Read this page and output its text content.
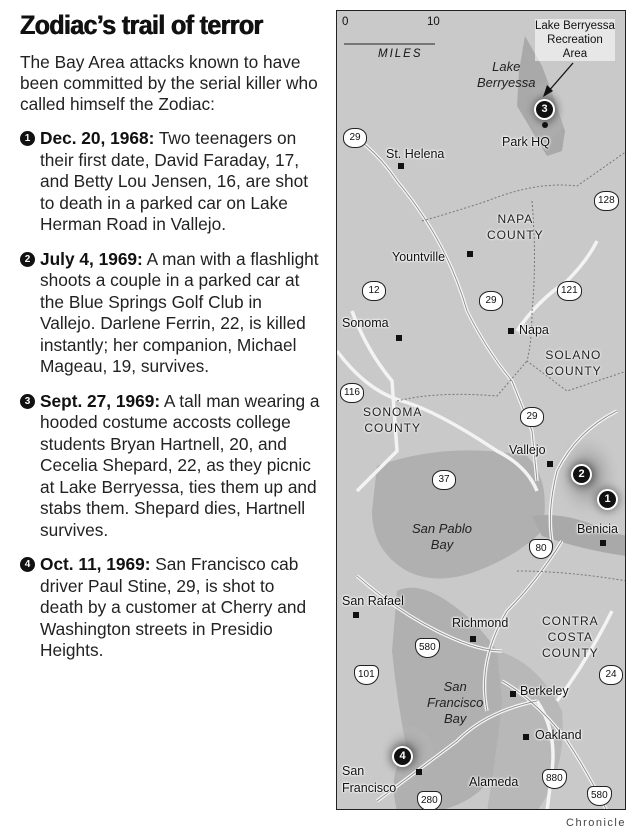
Zodiac’s trail of terror

The Bay Area attacks known to have been committed by the serial killer who called himself the Zodiac:

1 Dec. 20, 1968: Two teenagers on their first date, David Faraday, 17, and Betty Lou Jensen, 16, are shot to death in a parked car on Lake Herman Road in Vallejo.
2 July 4, 1969: A man with a flashlight shoots a couple in a parked car at the Blue Springs Golf Club in Vallejo. Darlene Ferrin, 22, is killed instantly; her companion, Michael Mageau, 19, survives.
3 Sept. 27, 1969: A tall man wearing a hooded costume accosts college students Bryan Hartnell, 20, and Cecelia Shepard, 22, as they picnic at Lake Berryessa, ties them up and stabs them. Shepard dies, Hartnell survives.
4 Oct. 11, 1969: San Francisco cab driver Paul Stine, 29, is shot to death by a customer at Cherry and Washington streets in Presidio Heights.
0	10
MILES
Lake Berryessa
Recreation
Area
Lake
Berryessa
3
Park HQ
29
St. Helena
128
NAPA
COUNTY
Yountville
12
29
121
Sonoma	Napa
SOLANO
COUNTY
116
SONOMA
COUNTY
29
Vallejo
37	2
1
San Pablo
Bay
Benicia
80
San Rafael
Richmond	CONTRA
COSTA
COUNTY
580
101	24
San
Francisco
Bay
Berkeley
Oakland
4
San
Francisco	Alameda	880
580
280
Chronicle
